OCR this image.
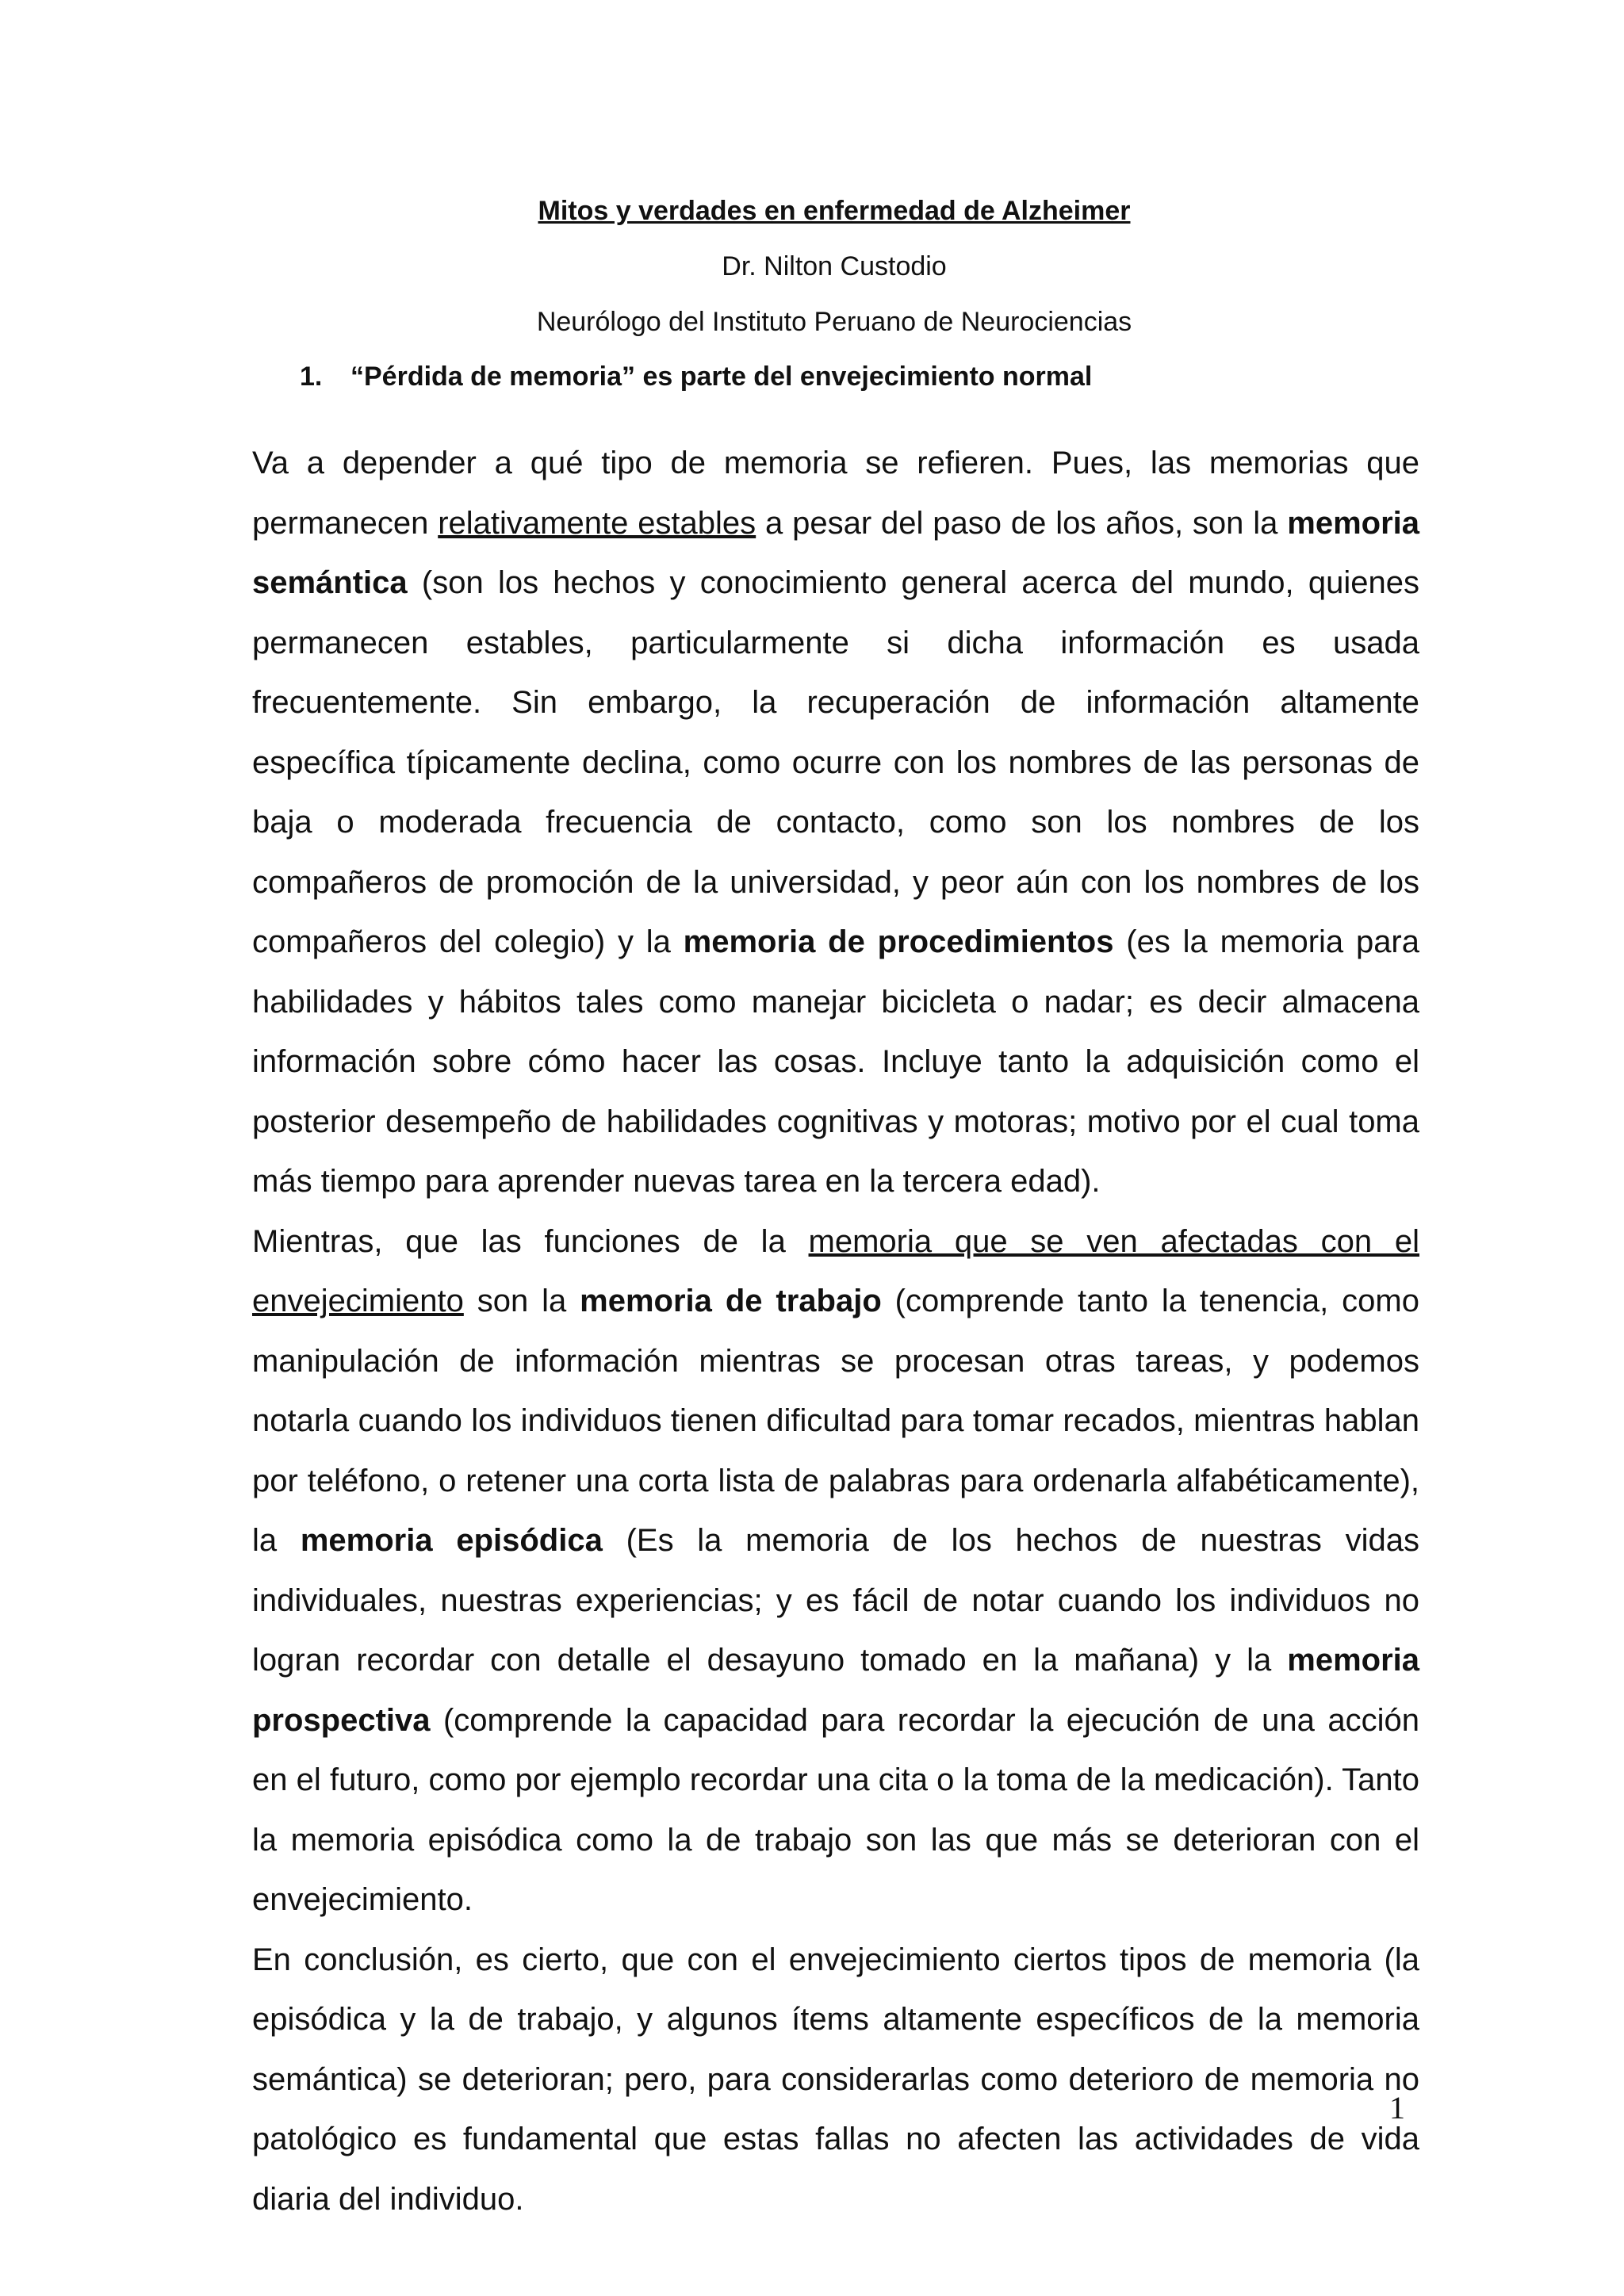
Mitos y verdades en enfermedad de Alzheimer
Dr. Nilton Custodio
Neurólogo del Instituto Peruano de Neurociencias
1. “Pérdida de memoria” es parte del envejecimiento normal

Va a depender a qué tipo de memoria se refieren. Pues, las memorias que permanecen relativamente estables a pesar del paso de los años, son la memoria semántica (son los hechos y conocimiento general acerca del mundo, quienes permanecen estables, particularmente si dicha información es usada frecuentemente. Sin embargo, la recuperación de información altamente específica típicamente declina, como ocurre con los nombres de las personas de baja o moderada frecuencia de contacto, como son los nombres de los compañeros de promoción de la universidad, y peor aún con los nombres de los compañeros del colegio) y la memoria de procedimientos (es la memoria para habilidades y hábitos tales como manejar bicicleta o nadar; es decir almacena información sobre cómo hacer las cosas. Incluye tanto la adquisición como el posterior desempeño de habilidades cognitivas y motoras; motivo por el cual toma más tiempo para aprender nuevas tarea en la tercera edad).

Mientras, que las funciones de la memoria que se ven afectadas con el envejecimiento son la memoria de trabajo (comprende tanto la tenencia, como manipulación de información mientras se procesan otras tareas, y podemos notarla cuando los individuos tienen dificultad para tomar recados, mientras hablan por teléfono, o retener una corta lista de palabras para ordenarla alfabéticamente), la memoria episódica (Es la memoria de los hechos de nuestras vidas individuales, nuestras experiencias; y es fácil de notar cuando los individuos no logran recordar con detalle el desayuno tomado en la mañana) y la memoria prospectiva (comprende la capacidad para recordar la ejecución de una acción en el futuro, como por ejemplo recordar una cita o la toma de la medicación). Tanto la memoria episódica como la de trabajo son las que más se deterioran con el envejecimiento.

En conclusión, es cierto, que con el envejecimiento ciertos tipos de memoria (la episódica y la de trabajo, y algunos ítems altamente específicos de la memoria semántica) se deterioran; pero, para considerarlas como deterioro de memoria no patológico es fundamental que estas fallas no afecten las actividades de vida diaria del individuo.

1
